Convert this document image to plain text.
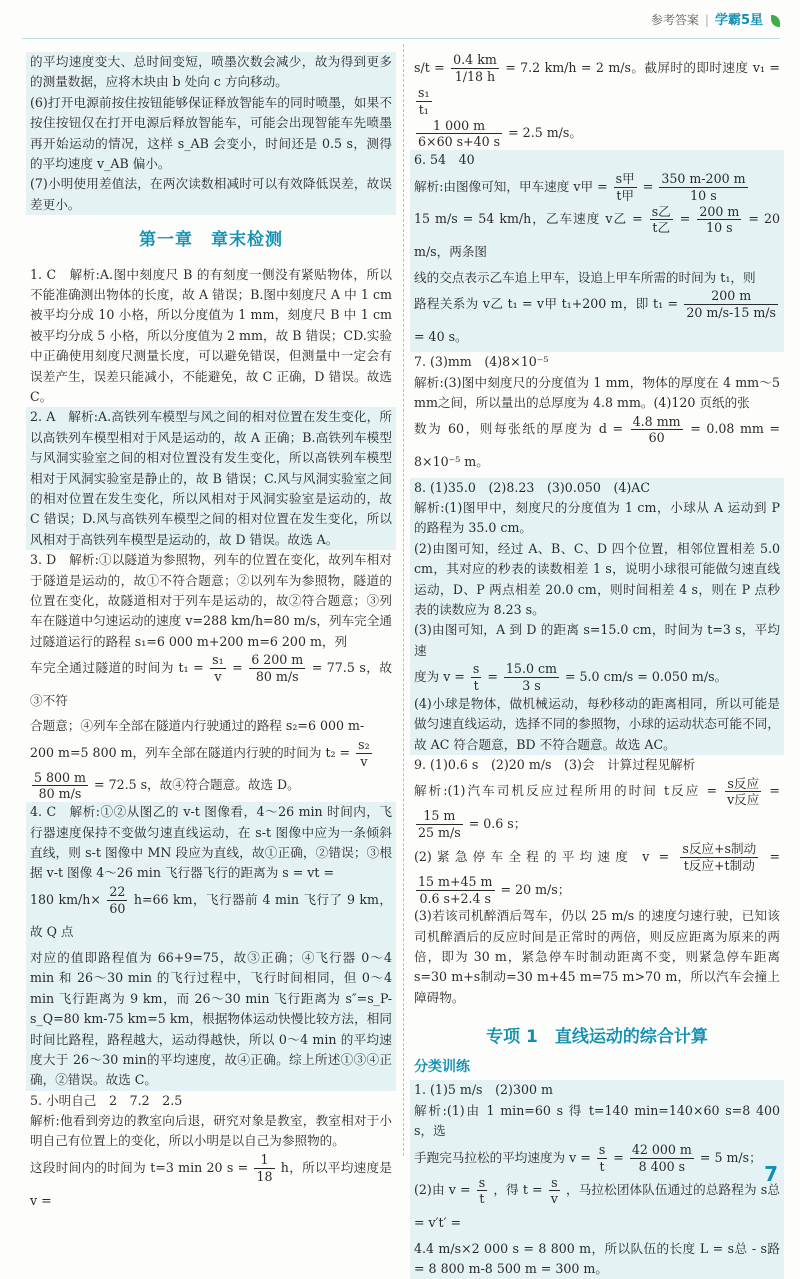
参考答案 | 学霸5星

的平均速度变大、总时间变短，喷墨次数会减少，故为得到更多的测量数据，应将木块由 b 处向 c 方向移动。

(6)打开电源前按住按钮能够保证释放智能车的同时喷墨，如果不按住按钮仅在打开电源后释放智能车，可能会出现智能车先喷墨再开始运动的情况，这样 s_AB 会变小，时间还是 0.5 s，测得的平均速度 v_AB 偏小。

(7)小明使用差值法，在两次读数相减时可以有效降低误差，故误差更小。

第一章　章末检测

1. C　解析:A.图中刻度尺 B 的有刻度一侧没有紧贴物体，所以不能准确测出物体的长度，故 A 错误；B.图中刻度尺 A 中 1 cm 被平均分成 10 小格，所以分度值为 1 mm，刻度尺 B 中 1 cm 被平均分成 5 小格，所以分度值为 2 mm，故 B 错误；CD.实验中正确使用刻度尺测量长度，可以避免错误，但测量中一定会有误差产生，误差只能减小，不能避免，故 C 正确，D 错误。故选 C。

2. A　解析:A.高铁列车模型与风之间的相对位置在发生变化，所以高铁列车模型相对于风是运动的，故 A 正确；B.高铁列车模型与风洞实验室之间的相对位置没有发生变化，所以高铁列车模型相对于风洞实验室是静止的，故 B 错误；C.风与风洞实验室之间的相对位置在发生变化，所以风相对于风洞实验室是运动的，故 C 错误；D.风与高铁列车模型之间的相对位置在发生变化，所以风相对于高铁列车模型是运动的，故 D 错误。故选 A。

3. D　解析:①以隧道为参照物，列车的位置在变化，故列车相对于隧道是运动的，故①不符合题意；②以列车为参照物，隧道的位置在变化，故隧道相对于列车是运动的，故②符合题意；③列车在隧道中匀速运动的速度 v=288 km/h=80 m/s，列车完全通过隧道运行的路程 s₁=6 000 m+200 m=6 200 m，列

车完全通过隧道的时间为 $t_1 = \frac{\text{s₁}}{v} = \frac{6 200 m}{80 m/s} = 77.5$ s，故③不符

合题意；④列车全部在隧道内行驶通过的路程 s₂=6 000 m-

200 m=5 800 m，列车全部在隧道内行驶的时间为 $t_2 = \frac{\text{s₂}}{v}$

$\frac{5 800 m}{80 m/s} = 72.5$ s，故④符合题意。故选 D。

4. C　解析:①②从图乙的 v-t 图像看，4～26 min 时间内，飞行器速度保持不变做匀速直线运动，在 s-t 图像中应为一条倾斜直线，则 s-t 图像中 MN 段应为直线，故①正确，②错误；③根据 v-t 图像 4～26 min 飞行器飞行的距离为 s = vt =

180 $km/h\times \frac{22}{60} h=66$ km，飞行器前 4 min 飞行了 9 km，故 Q 点

对应的值即路程值为 66+9=75，故③正确；④飞行器 0～4 min 和 26～30 min 的飞行过程中，飞行时间相同，但 0～4 min 飞行距离为 9 km，而 26～30 min 飞行距离为 s″=s_P-s_Q=80 km-75 km=5 km，根据物体运动快慢比较方法，相同时间比路程，路程越大，运动得越快，所以 0～4 min 的平均速度大于 26～30 min的平均速度，故④正确。综上所述①③④正确，②错误。故选 C。

5. 小明自己　2　7.2　2.5

解析:他看到旁边的教室向后退，研究对象是教室，教室相对于小明自己有位置上的变化，所以小明是以自己为参照物的。

这段时间内的时间为 t=3 min 20 $s = \frac{1}{18}$ h，所以平均速度是 v =

$s/t = \frac{0.4 km}{1/18 h} = 7.2$ km/h = 2 m/s。截屏时的即时速度 v₁ =
$\frac{\text{s₁}}{\text{t₁}}$

$\frac{1 000 m}{6\times 60 s+40 s} = 2.5$ m/s。

6. 54　40

解析:由图像可知，甲车速度 v甲 = $\frac{\text{s甲}}{\text{t甲}} = \frac{350 m-200 m}{10 s}$

15 m/s = 54 km/h，乙车速度 v乙 = $\frac{\text{s乙}}{\text{t乙}} = \frac{200 m}{10 s} = 20$ m/s，两条图

线的交点表示乙车追上甲车，设追上甲车所需的时间为 t₁，则

路程关系为 v乙 t₁ = v甲 t₁+200 m，即 $t_1 = \frac{200 m}{20 m/s-15 m/s}$
= 40 s。

7. (3)mm　(4)8×10⁻⁵

解析:(3)图中刻度尺的分度值为 1 mm，物体的厚度在 4 mm～5 mm之间，所以量出的总厚度为 4.8 mm。(4)120 页纸的张

数为 60，则每张纸的厚度为 $d = \frac{4.8 mm}{60} = 0.08$ mm = 8×10⁻⁵ m。

8. (1)35.0　(2)8.23　(3)0.050　(4)AC

解析:(1)图甲中，刻度尺的分度值为 1 cm，小球从 A 运动到 P 的路程为 35.0 cm。

(2)由图可知，经过 A、B、C、D 四个位置，相邻位置相差 5.0 cm，其对应的秒表的读数相差 1 s，说明小球很可能做匀速直线运动，D、P 两点相差 20.0 cm，则时间相差 4 s，则在 P 点秒表的读数应为 8.23 s。

(3)由图可知，A 到 D 的距离 s=15.0 cm，时间为 t=3 s，平均速

度为 $v = \frac{s}{t} = \frac{15.0 cm}{3 s} = 5.0$ cm/s = 0.050 m/s。

(4)小球是物体，做机械运动，每秒移动的距离相同，所以可能是做匀速直线运动，选择不同的参照物，小球的运动状态可能不同，故 AC 符合题意，BD 不符合题意。故选 AC。

9. (1)0.6 s　(2)20 m/s　(3)会　计算过程见解析

解析:(1)汽车司机反应过程所用的时间 t反应 = $\frac{\text{s反应}}{\text{v反应}}$ =
$\frac{15 m}{25 m/s} = 0.6$ s；

(2)紧急停车全程的平均速度 $v = \frac{\text{s反应+s制动}}{\text{t反应+t制动}}$ =
$\frac{15 m+45 m}{0.6 s+2.4 s} = 20$ m/s；

(3)若该司机醉酒后驾车，仍以 25 m/s 的速度匀速行驶，已知该司机醉酒后的反应时间是正常时的两倍，则反应距离为原来的两倍，即为 30 m，紧急停车时制动距离不变，则紧急停车距离 s=30 m+s制动=30 m+45 m=75 m>70 m，所以汽车会撞上障碍物。

专项 1　直线运动的综合计算
分类训练

1. (1)5 m/s　(2)300 m

解析:(1)由 1 min=60 s 得 t=140 min=140×60 s=8 400 s，选

手跑完马拉松的平均速度为 $v = \frac{s}{t} = \frac{42 000 m}{8 400 s} = 5$ m/s；

(2)由 $v = \frac{s}{t}$ ，得 $t = \frac{s}{v}$ ，马拉松团体队伍通过的总路程为 s总 = v′t′ =

4.4 m/s×2 000 s = 8 800 m，所以队伍的长度 L = s总 - s路 = 8 800 m-8 500 m = 300 m。

7
